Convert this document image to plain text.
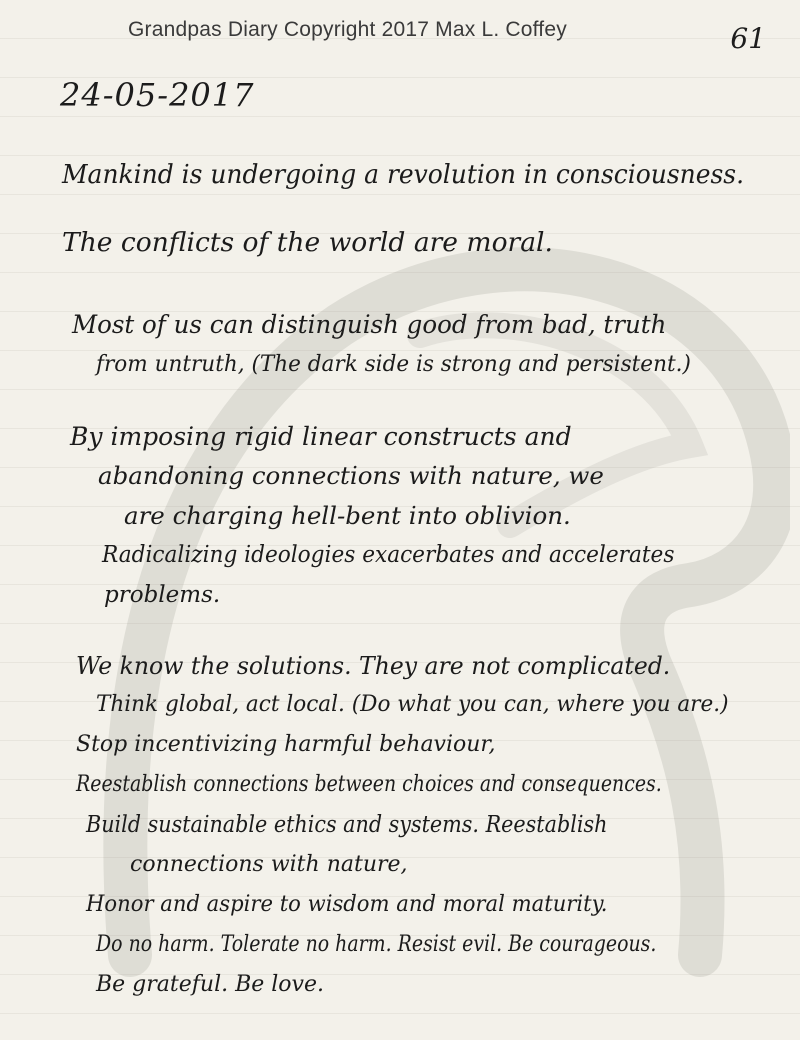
Grandpas Diary Copyright 2017 Max L. Coffey	61
24-05-2017
Mankind is undergoing a revolution in consciousness.
The conflicts of the world are moral.
Most of us can distinguish good from bad, truth
from untruth, (The dark side is strong and persistent.)
By imposing rigid linear constructs and
abandoning connections with nature, we
are charging hell-bent into oblivion.
Radicalizing ideologies exacerbates and accelerates
problems.
We know the solutions. They are not complicated.
Think global, act local. (Do what you can, where you are.)
Stop incentivizing harmful behaviour,
Reestablish connections between choices and consequences.
Build sustainable ethics and systems. Reestablish
connections with nature,
Honor and aspire to wisdom and moral maturity.
Do no harm. Tolerate no harm. Resist evil. Be courageous.
Be grateful. Be love.
